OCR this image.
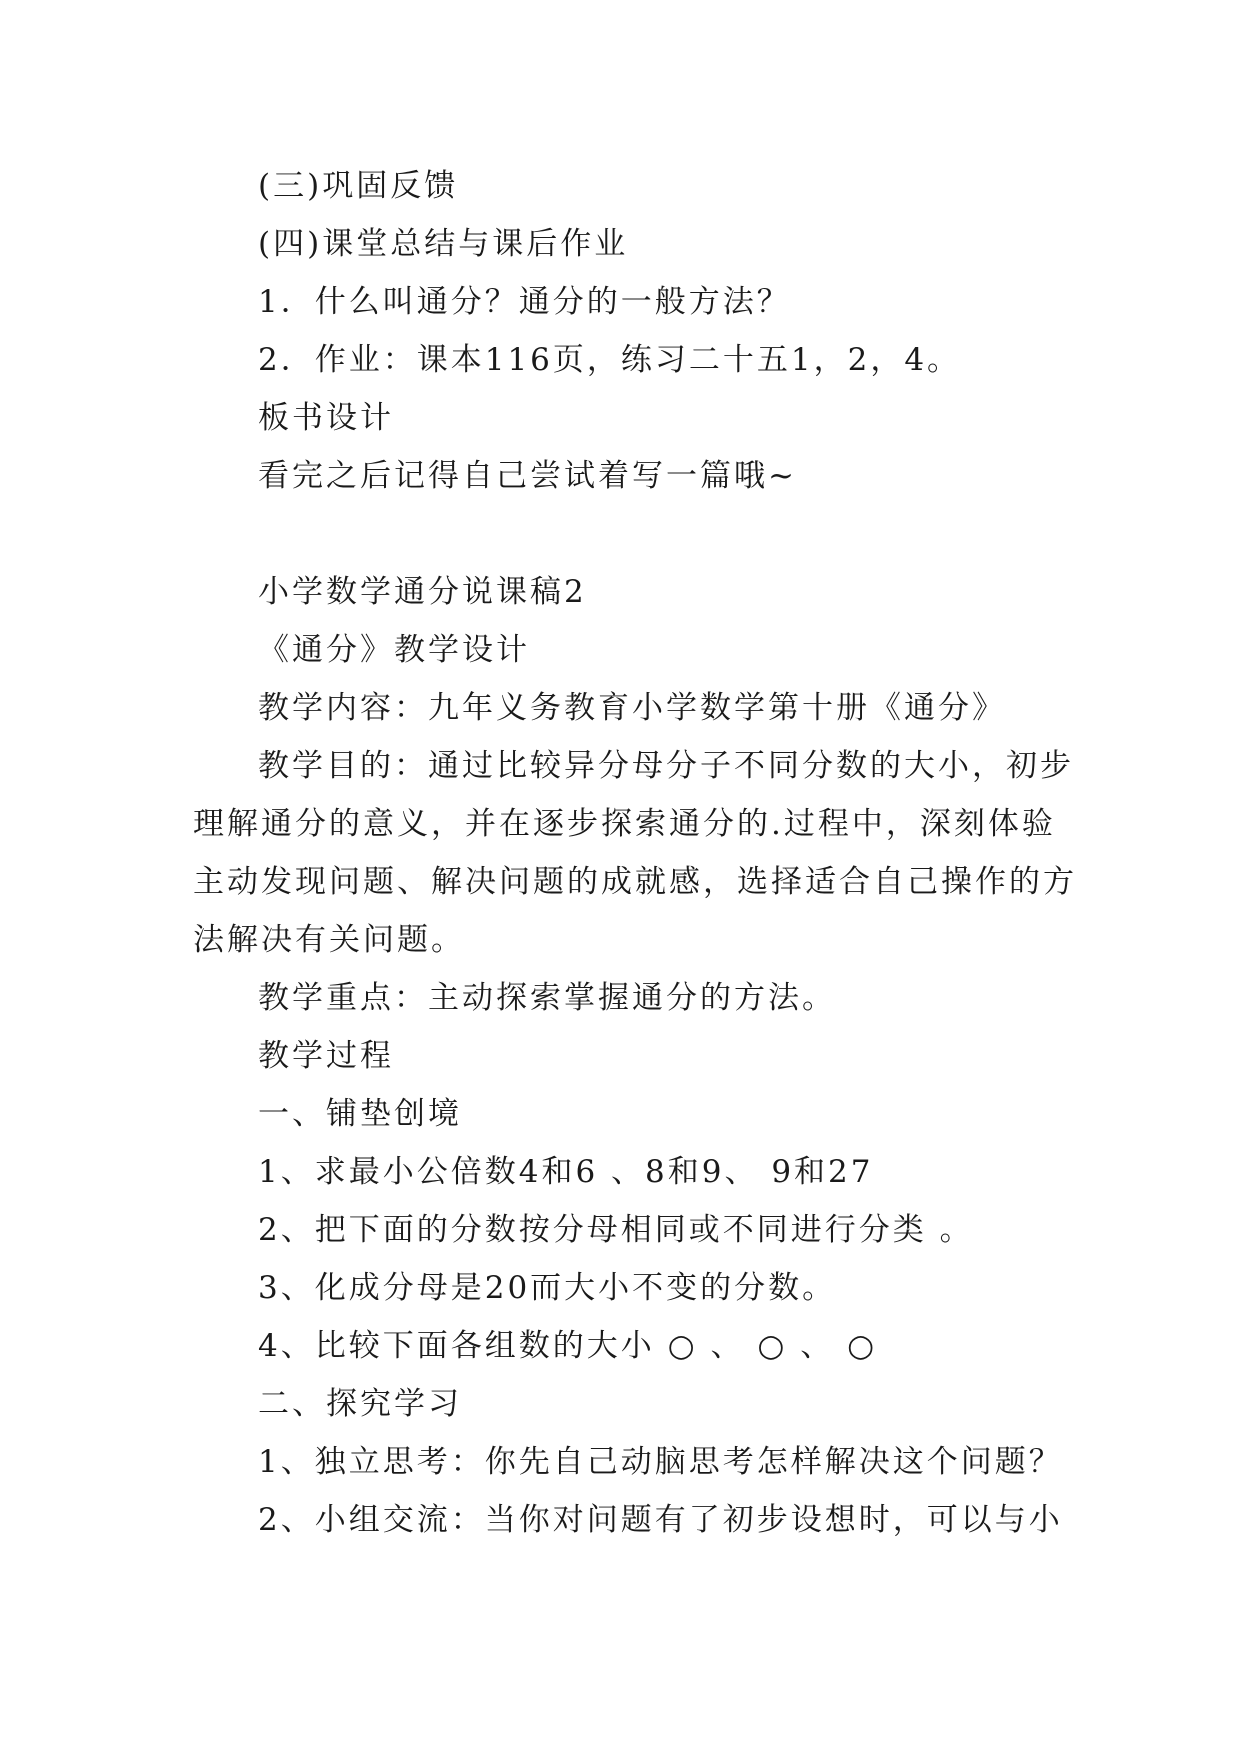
(三)巩固反馈
(四)课堂总结与课后作业
1．什么叫通分？通分的一般方法？
2．作业：课本116页，练习二十五1，2，4。
板书设计
看完之后记得自己尝试着写一篇哦~
小学数学通分说课稿2
《通分》教学设计
教学内容：九年义务教育小学数学第十册《通分》
教学目的：通过比较异分母分子不同分数的大小，初步
理解通分的意义，并在逐步探索通分的.过程中，深刻体验
主动发现问题、解决问题的成就感，选择适合自己操作的方
法解决有关问题。
教学重点：主动探索掌握通分的方法。
教学过程
一、铺垫创境
1、求最小公倍数4和6 、8和9、 9和27
2、把下面的分数按分母相同或不同进行分类 。
3、化成分母是20而大小不变的分数。
4、比较下面各组数的大小 ○ 、 ○ 、 ○
二、探究学习
1、独立思考：你先自己动脑思考怎样解决这个问题？
2、小组交流：当你对问题有了初步设想时，可以与小
